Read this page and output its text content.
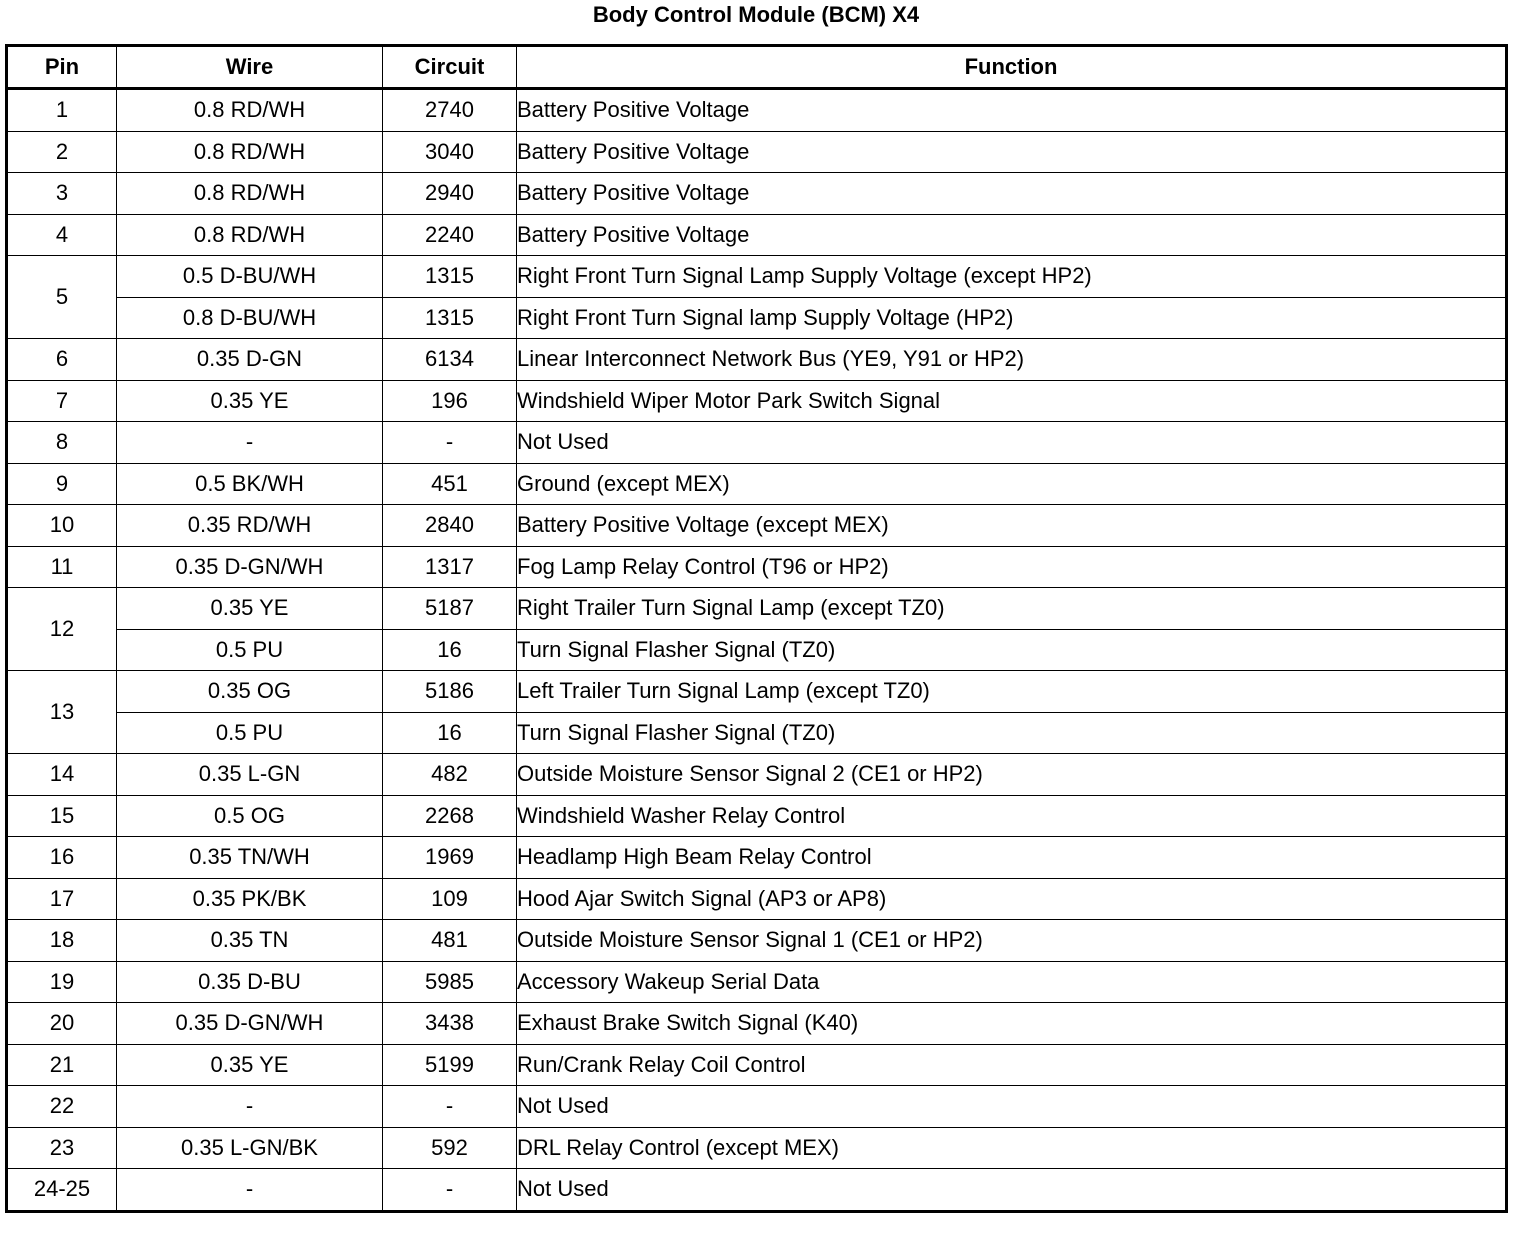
Body Control Module (BCM) X4
Pin	Wire	Circuit	Function
1	0.8 RD/WH	2740	Battery Positive Voltage
2	0.8 RD/WH	3040	Battery Positive Voltage
3	0.8 RD/WH	2940	Battery Positive Voltage
4	0.8 RD/WH	2240	Battery Positive Voltage
5	0.5 D-BU/WH	1315	Right Front Turn Signal Lamp Supply Voltage (except HP2)
	0.8 D-BU/WH	1315	Right Front Turn Signal lamp Supply Voltage (HP2)
6	0.35 D-GN	6134	Linear Interconnect Network Bus (YE9, Y91 or HP2)
7	0.35 YE	196	Windshield Wiper Motor Park Switch Signal
8	-	-	Not Used
9	0.5 BK/WH	451	Ground (except MEX)
10	0.35 RD/WH	2840	Battery Positive Voltage (except MEX)
11	0.35 D-GN/WH	1317	Fog Lamp Relay Control (T96 or HP2)
12	0.35 YE	5187	Right Trailer Turn Signal Lamp (except TZ0)
	0.5 PU	16	Turn Signal Flasher Signal (TZ0)
13	0.35 OG	5186	Left Trailer Turn Signal Lamp (except TZ0)
	0.5 PU	16	Turn Signal Flasher Signal (TZ0)
14	0.35 L-GN	482	Outside Moisture Sensor Signal 2 (CE1 or HP2)
15	0.5 OG	2268	Windshield Washer Relay Control
16	0.35 TN/WH	1969	Headlamp High Beam Relay Control
17	0.35 PK/BK	109	Hood Ajar Switch Signal (AP3 or AP8)
18	0.35 TN	481	Outside Moisture Sensor Signal 1 (CE1 or HP2)
19	0.35 D-BU	5985	Accessory Wakeup Serial Data
20	0.35 D-GN/WH	3438	Exhaust Brake Switch Signal (K40)
21	0.35 YE	5199	Run/Crank Relay Coil Control
22	-	-	Not Used
23	0.35 L-GN/BK	592	DRL Relay Control (except MEX)
24-25	-	-	Not Used
